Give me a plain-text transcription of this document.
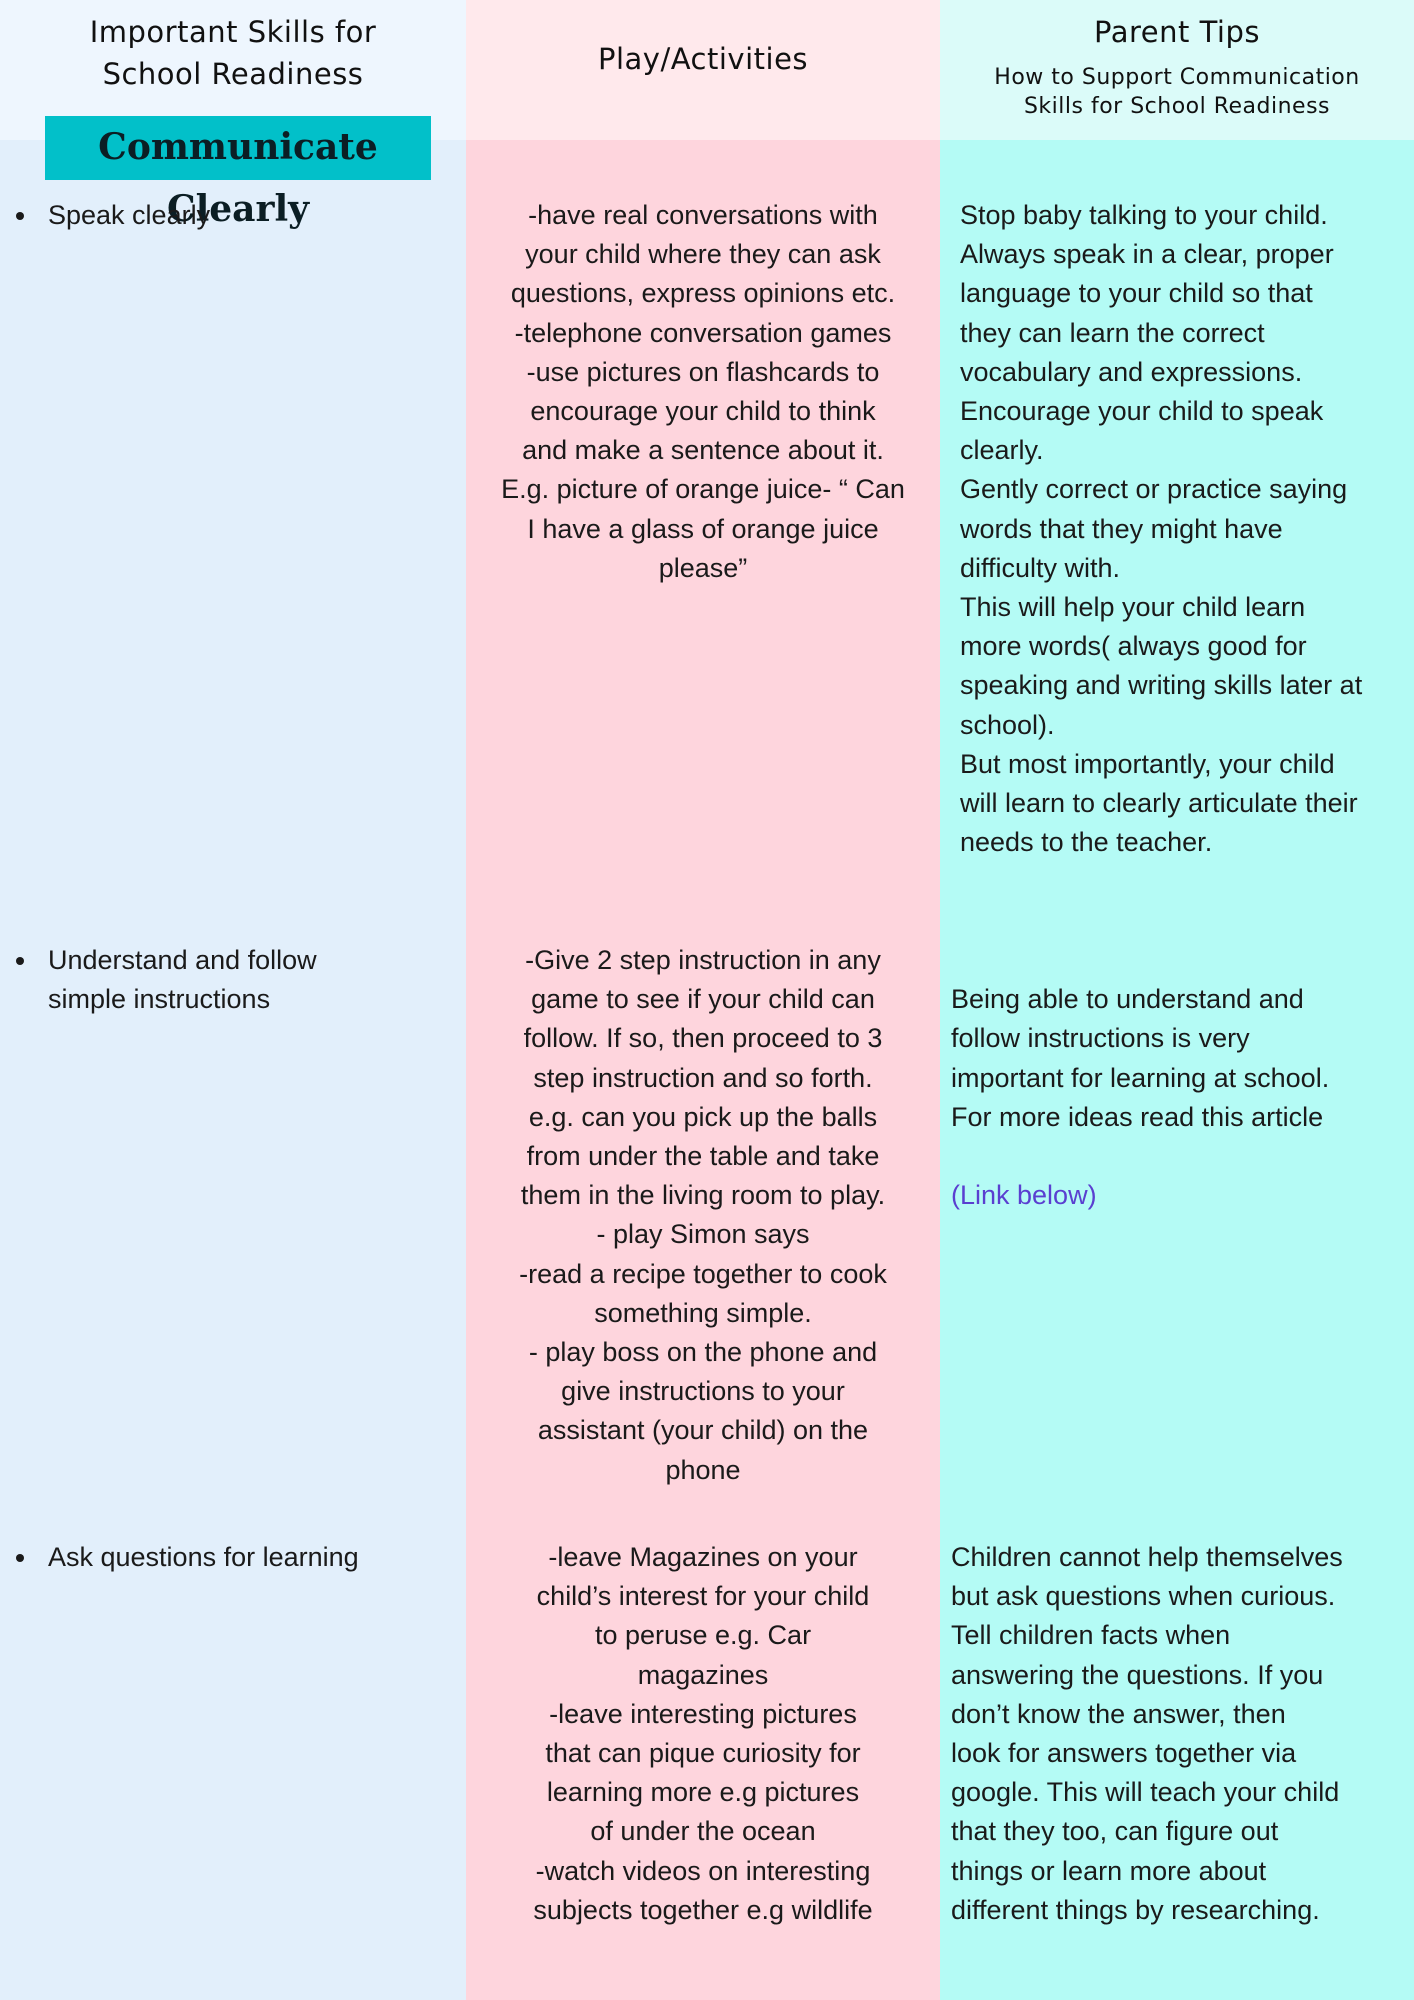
Important Skills for
School Readiness
Communicate Clearly
Speak clearly
Understand and follow
simple instructions
Ask questions for learning
Play/Activities
-have real conversations with
your child where they can ask
questions, express opinions etc.
-telephone conversation games
-use pictures on flashcards to
encourage your child to think
and make a sentence about it.
E.g. picture of orange juice- “ Can
I have a glass of orange juice
please”
-Give 2 step instruction in any
game to see if your child can
follow. If so, then proceed to 3
step instruction and so forth.
e.g. can you pick up the balls
from under the table and take
them in the living room to play.
- play Simon says
-read a recipe together to cook
something simple.
- play boss on the phone and
give instructions to your
assistant (your child) on the
phone
-leave Magazines on your
child’s interest for your child
to peruse e.g. Car
magazines
-leave interesting pictures
that can pique curiosity for
learning more e.g pictures
of under the ocean
-watch videos on interesting
subjects together e.g wildlife
Parent Tips
How to Support Communication
Skills for School Readiness
Stop baby talking to your child.
Always speak in a clear, proper
language to your child so that
they can learn the correct
vocabulary and expressions.
Encourage your child to speak
clearly.
Gently correct or practice saying
words that they might have
difficulty with.
This will help your child learn
more words( always good for
speaking and writing skills later at
school).
But most importantly, your child
will learn to clearly articulate their
needs to the teacher.

Being able to understand and
follow instructions is very
important for learning at school.
For more ideas read this article

(Link below)

Children cannot help themselves
but ask questions when curious.
Tell children facts when
answering the questions. If you
don’t know the answer, then
look for answers together via
google. This will teach your child
that they too, can figure out
things or learn more about
different things by researching.
